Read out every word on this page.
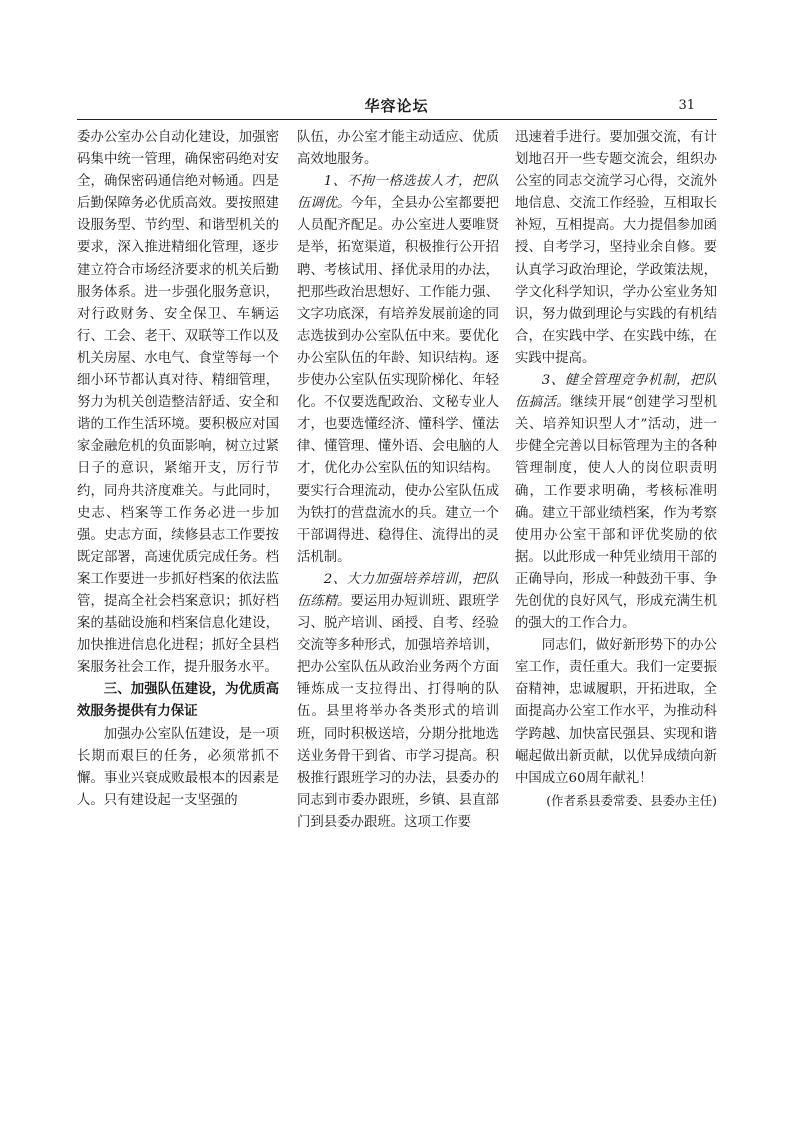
华容论坛	31

委办公室办公自动化建设，加强密码集中统一管理，确保密码绝对安全，确保密码通信绝对畅通。四是后勤保障务必优质高效。要按照建设服务型、节约型、和谐型机关的要求，深入推进精细化管理，逐步建立符合市场经济要求的机关后勤服务体系。进一步强化服务意识，对行政财务、安全保卫、车辆运行、工会、老干、双联等工作以及机关房屋、水电气、食堂等每一个细小环节都认真对待、精细管理，努力为机关创造整洁舒适、安全和谐的工作生活环境。要积极应对国家金融危机的负面影响，树立过紧日子的意识，紧缩开支，厉行节约，同舟共济度难关。与此同时，史志、档案等工作务必进一步加强。史志方面，续修县志工作要按既定部署，高速优质完成任务。档案工作要进一步抓好档案的依法监管，提高全社会档案意识；抓好档案的基础设施和档案信息化建设，加快推进信息化进程；抓好全县档案服务社会工作，提升服务水平。

三、加强队伍建设，为优质高效服务提供有力保证

加强办公室队伍建设，是一项长期而艰巨的任务，必须常抓不懈。事业兴衰成败最根本的因素是人。只有建设起一支坚强的

队伍，办公室才能主动适应、优质高效地服务。

1、不拘一格选拔人才，把队伍调优。今年，全县办公室都要把人员配齐配足。办公室进人要唯贤是举，拓宽渠道，积极推行公开招聘、考核试用、择优录用的办法，把那些政治思想好、工作能力强、文字功底深，有培养发展前途的同志选拔到办公室队伍中来。要优化办公室队伍的年龄、知识结构。逐步使办公室队伍实现阶梯化、年轻化。不仅要选配政治、文秘专业人才，也要选懂经济、懂科学、懂法律、懂管理、懂外语、会电脑的人才，优化办公室队伍的知识结构。要实行合理流动，使办公室队伍成为铁打的营盘流水的兵。建立一个干部调得进、稳得住、流得出的灵活机制。

2、大力加强培养培训，把队伍练精。要运用办短训班、跟班学习、脱产培训、函授、自考、经验交流等多种形式，加强培养培训，把办公室队伍从政治业务两个方面锤炼成一支拉得出、打得响的队伍。县里将举办各类形式的培训班，同时积极送培，分期分批地选送业务骨干到省、市学习提高。积极推行跟班学习的办法，县委办的同志到市委办跟班，乡镇、县直部门到县委办跟班。这项工作要

迅速着手进行。要加强交流，有计划地召开一些专题交流会，组织办公室的同志交流学习心得，交流外地信息、交流工作经验，互相取长补短，互相提高。大力提倡参加函授、自考学习，坚持业余自修。要认真学习政治理论，学政策法规，学文化科学知识，学办公室业务知识，努力做到理论与实践的有机结合，在实践中学、在实践中练，在实践中提高。

3、健全管理竞争机制，把队伍搞活。继续开展“创建学习型机关、培养知识型人才”活动，进一步健全完善以目标管理为主的各种管理制度，使人人的岗位职责明确，工作要求明确，考核标准明确。建立干部业绩档案，作为考察使用办公室干部和评优奖励的依据。以此形成一种凭业绩用干部的正确导向，形成一种鼓劲干事、争先创优的良好风气，形成充满生机的强大的工作合力。

同志们，做好新形势下的办公室工作，责任重大。我们一定要振奋精神，忠诚履职，开拓进取，全面提高办公室工作水平，为推动科学跨越、加快富民强县、实现和谐崛起做出新贡献，以优异成绩向新中国成立60周年献礼！

(作者系县委常委、县委办主任)
